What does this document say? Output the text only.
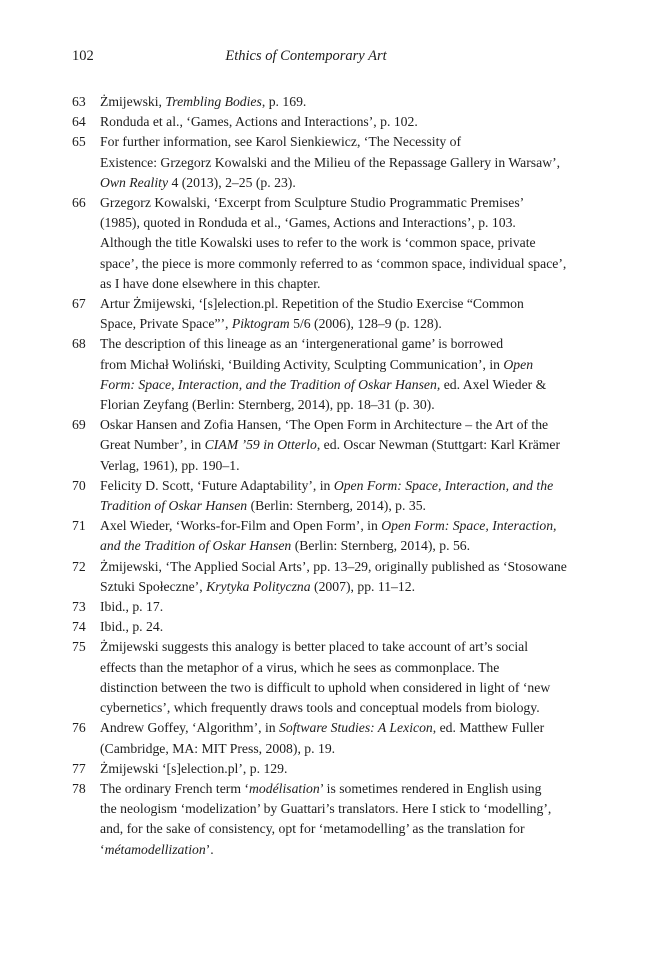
102	Ethics of Contemporary Art
63	Żmijewski, Trembling Bodies, p. 169.
64	Ronduda et al., ‘Games, Actions and Interactions’, p. 102.
65	For further information, see Karol Sienkiewicz, ‘The Necessity of
Existence: Grzegorz Kowalski and the Milieu of the Repassage Gallery in Warsaw’,
Own Reality 4 (2013), 2–25 (p. 23).
66	Grzegorz Kowalski, ‘Excerpt from Sculpture Studio Programmatic Premises’
(1985), quoted in Ronduda et al., ‘Games, Actions and Interactions’, p. 103.
Although the title Kowalski uses to refer to the work is ‘common space, private
space’, the piece is more commonly referred to as ‘common space, individual space’,
as I have done elsewhere in this chapter.
67	Artur Żmijewski, ‘[s]election.pl. Repetition of the Studio Exercise “Common
Space, Private Space”’, Piktogram 5/6 (2006), 128–9 (p. 128).
68	The description of this lineage as an ‘intergenerational game’ is borrowed
from Michał Woliński, ‘Building Activity, Sculpting Communication’, in Open
Form: Space, Interaction, and the Tradition of Oskar Hansen, ed. Axel Wieder &
Florian Zeyfang (Berlin: Sternberg, 2014), pp. 18–31 (p. 30).
69	Oskar Hansen and Zofia Hansen, ‘The Open Form in Architecture – the Art of the
Great Number’, in CIAM ’59 in Otterlo, ed. Oscar Newman (Stuttgart: Karl Krämer
Verlag, 1961), pp. 190–1.
70	Felicity D. Scott, ‘Future Adaptability’, in Open Form: Space, Interaction, and the
Tradition of Oskar Hansen (Berlin: Sternberg, 2014), p. 35.
71	Axel Wieder, ‘Works-for-Film and Open Form’, in Open Form: Space, Interaction,
and the Tradition of Oskar Hansen (Berlin: Sternberg, 2014), p. 56.
72	Żmijewski, ‘The Applied Social Arts’, pp. 13–29, originally published as ‘Stosowane
Sztuki Społeczne’, Krytyka Polityczna (2007), pp. 11–12.
73	Ibid., p. 17.
74	Ibid., p. 24.
75	Żmijewski suggests this analogy is better placed to take account of art’s social
effects than the metaphor of a virus, which he sees as commonplace. The
distinction between the two is difficult to uphold when considered in light of ‘new
cybernetics’, which frequently draws tools and conceptual models from biology.
76	Andrew Goffey, ‘Algorithm’, in Software Studies: A Lexicon, ed. Matthew Fuller
(Cambridge, MA: MIT Press, 2008), p. 19.
77	Żmijewski ‘[s]election.pl’, p. 129.
78	The ordinary French term ‘modélisation’ is sometimes rendered in English using
the neologism ‘modelization’ by Guattari’s translators. Here I stick to ‘modelling’,
and, for the sake of consistency, opt for ‘metamodelling’ as the translation for
‘métamodellization’.
